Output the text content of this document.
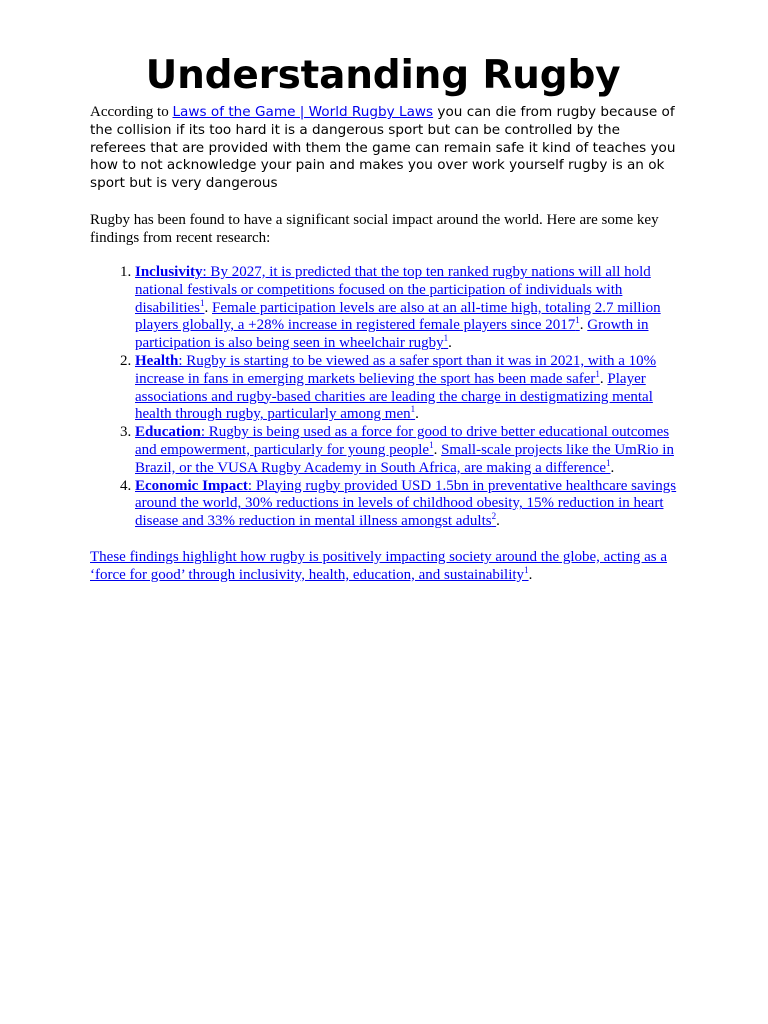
Understanding Rugby

According to Laws of the Game | World Rugby Laws you can die from rugby because of the collision if its too hard it is a dangerous sport but can be controlled by the referees that are provided with them the game can remain safe it kind of teaches you how to not acknowledge your pain and makes you over work yourself rugby is an ok sport but is very dangerous

Rugby has been found to have a significant social impact around the world. Here are some key findings from recent research:

1. Inclusivity: By 2027, it is predicted that the top ten ranked rugby nations will all hold national festivals or competitions focused on the participation of individuals with disabilities$^1$. Female participation levels are also at an all-time high, totaling 2.7 million players globally, a +28% increase in registered female players since 2017$^1$. Growth in participation is also being seen in wheelchair rugby$^1$.
2. Health: Rugby is starting to be viewed as a safer sport than it was in 2021, with a 10% increase in fans in emerging markets believing the sport has been made safer$^1$. Player associations and rugby-based charities are leading the charge in destigmatizing mental health through rugby, particularly among men$^1$.
3. Education: Rugby is being used as a force for good to drive better educational outcomes and empowerment, particularly for young people$^1$. Small-scale projects like the UmRio in Brazil, or the VUSA Rugby Academy in South Africa, are making a difference$^1$.
4. Economic Impact: Playing rugby provided USD 1.5bn in preventative healthcare savings around the world, 30% reductions in levels of childhood obesity, 15% reduction in heart disease and 33% reduction in mental illness amongst adults$^2$.

These findings highlight how rugby is positively impacting society around the globe, acting as a ‘force for good’ through inclusivity, health, education, and sustainability$^1$.
